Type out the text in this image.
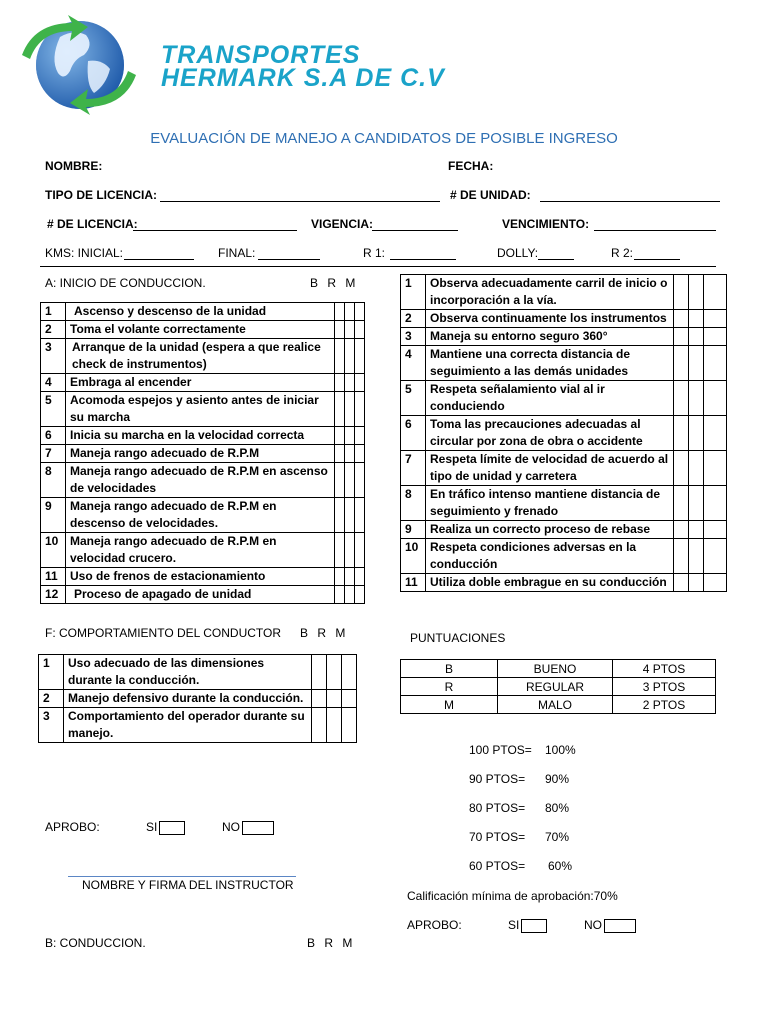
TRANSPORTES
HERMARK S.A DE C.V
EVALUACIÓN DE MANEJO A CANDIDATOS DE POSIBLE INGRESO
NOMBRE:	FECHA:
TIPO DE LICENCIA:	# DE UNIDAD:
# DE LICENCIA:	VIGENCIA:	VENCIMIENTO:
KMS: INICIAL:	FINAL:	R 1:	DOLLY:	R 2:
A: INICIO DE CONDUCCION.	B R M
1	Ascenso y descenso de la unidad			
2	Toma el volante correctamente			
3	Arranque de la unidad (espera a que realice check de instrumentos)			
4	Embraga al encender			
5	Acomoda espejos y asiento antes de iniciar su marcha			
6	Inicia su marcha en la velocidad correcta			
7	Maneja rango adecuado de R.P.M			
8	Maneja rango adecuado de R.P.M en ascenso de velocidades			
9	Maneja rango adecuado de R.P.M en descenso de velocidades.			
10	Maneja rango adecuado de R.P.M en velocidad crucero.			
11	Uso de frenos de estacionamiento			
12	Proceso de apagado de unidad			
F: COMPORTAMIENTO DEL CONDUCTOR B R M
1	Uso adecuado de las dimensiones durante la conducción.			
2	Manejo defensivo durante la conducción.			
3	Comportamiento del operador durante su manejo.			
1	Observa adecuadamente carril de inicio o incorporación a la vía.			
2	Observa continuamente los instrumentos			
3	Maneja su entorno seguro 360°			
4	Mantiene una correcta distancia de seguimiento a las demás unidades			
5	Respeta señalamiento vial al ir conduciendo			
6	Toma las precauciones adecuadas al circular por zona de obra o accidente			
7	Respeta límite de velocidad de acuerdo al tipo de unidad y carretera			
8	En tráfico intenso mantiene distancia de seguimiento y frenado			
9	Realiza un correcto proceso de rebase			
10	Respeta condiciones adversas en la conducción			
11	Utiliza doble embrague en su conducción			
PUNTUACIONES
B	BUENO	4 PTOS
R	REGULAR	3 PTOS
M	MALO	2 PTOS
100 PTOS= 100%
90 PTOS= 90%
80 PTOS= 80%
70 PTOS= 70%
60 PTOS= 60%
Calificación mínima de aprobación:70%
APROBO:	SI	NO
APROBO:	SI	NO
NOMBRE Y FIRMA DEL INSTRUCTOR
B: CONDUCCION.	B R M
